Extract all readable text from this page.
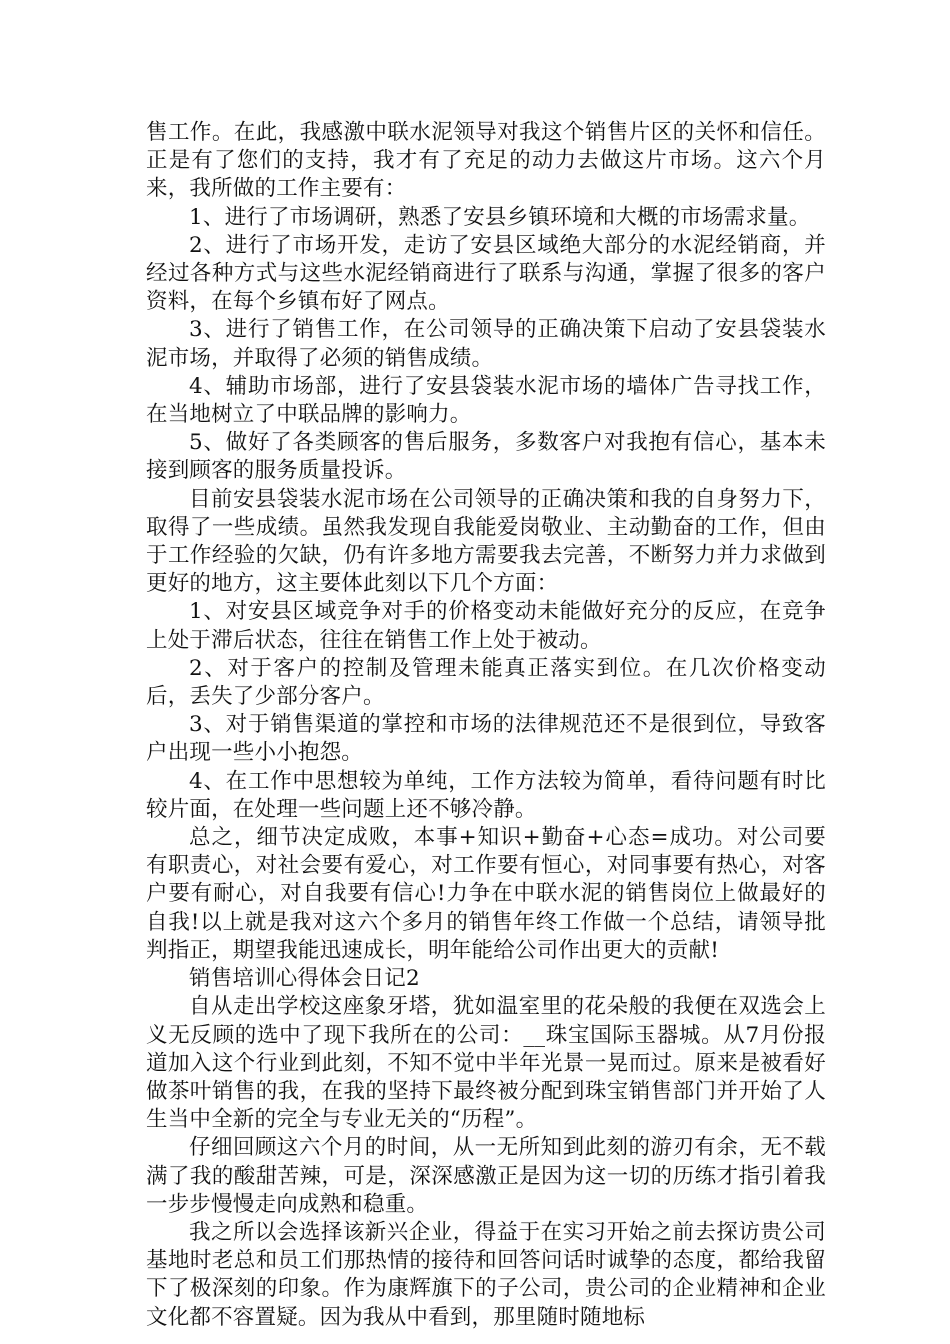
售工作。在此，我感激中联水泥领导对我这个销售片区的关怀和信任。正是有了您们的支持，我才有了充足的动力去做这片市场。这六个月来，我所做的工作主要有：

1、进行了市场调研，熟悉了安县乡镇环境和大概的市场需求量。

2、进行了市场开发，走访了安县区域绝大部分的水泥经销商，并经过各种方式与这些水泥经销商进行了联系与沟通，掌握了很多的客户资料，在每个乡镇布好了网点。

3、进行了销售工作，在公司领导的正确决策下启动了安县袋装水泥市场，并取得了必须的销售成绩。

4、辅助市场部，进行了安县袋装水泥市场的墙体广告寻找工作，在当地树立了中联品牌的影响力。

5、做好了各类顾客的售后服务，多数客户对我抱有信心，基本未接到顾客的服务质量投诉。

目前安县袋装水泥市场在公司领导的正确决策和我的自身努力下，取得了一些成绩。虽然我发现自我能爱岗敬业、主动勤奋的工作，但由于工作经验的欠缺，仍有许多地方需要我去完善，不断努力并力求做到更好的地方，这主要体此刻以下几个方面：

1、对安县区域竞争对手的价格变动未能做好充分的反应，在竞争上处于滞后状态，往往在销售工作上处于被动。

2、对于客户的控制及管理未能真正落实到位。在几次价格变动后，丢失了少部分客户。

3、对于销售渠道的掌控和市场的法律规范还不是很到位，导致客户出现一些小小抱怨。

4、在工作中思想较为单纯，工作方法较为简单，看待问题有时比较片面，在处理一些问题上还不够冷静。

总之，细节决定成败，本事+知识+勤奋+心态=成功。对公司要有职责心，对社会要有爱心，对工作要有恒心，对同事要有热心，对客户要有耐心，对自我要有信心!力争在中联水泥的销售岗位上做最好的自我!以上就是我对这六个多月的销售年终工作做一个总结，请领导批判指正，期望我能迅速成长，明年能给公司作出更大的贡献!

销售培训心得体会日记2

自从走出学校这座象牙塔，犹如温室里的花朵般的我便在双选会上义无反顾的选中了现下我所在的公司：__珠宝国际玉器城。从7月份报道加入这个行业到此刻，不知不觉中半年光景一晃而过。原来是被看好做茶叶销售的我，在我的坚持下最终被分配到珠宝销售部门并开始了人生当中全新的完全与专业无关的“历程”。

仔细回顾这六个月的时间，从一无所知到此刻的游刃有余，无不载满了我的酸甜苦辣，可是，深深感激正是因为这一切的历练才指引着我一步步慢慢走向成熟和稳重。

我之所以会选择该新兴企业，得益于在实习开始之前去探访贵公司基地时老总和员工们那热情的接待和回答问话时诚挚的态度，都给我留下了极深刻的印象。作为康辉旗下的子公司，贵公司的企业精神和企业文化都不容置疑。因为我从中看到，那里随时随地标
